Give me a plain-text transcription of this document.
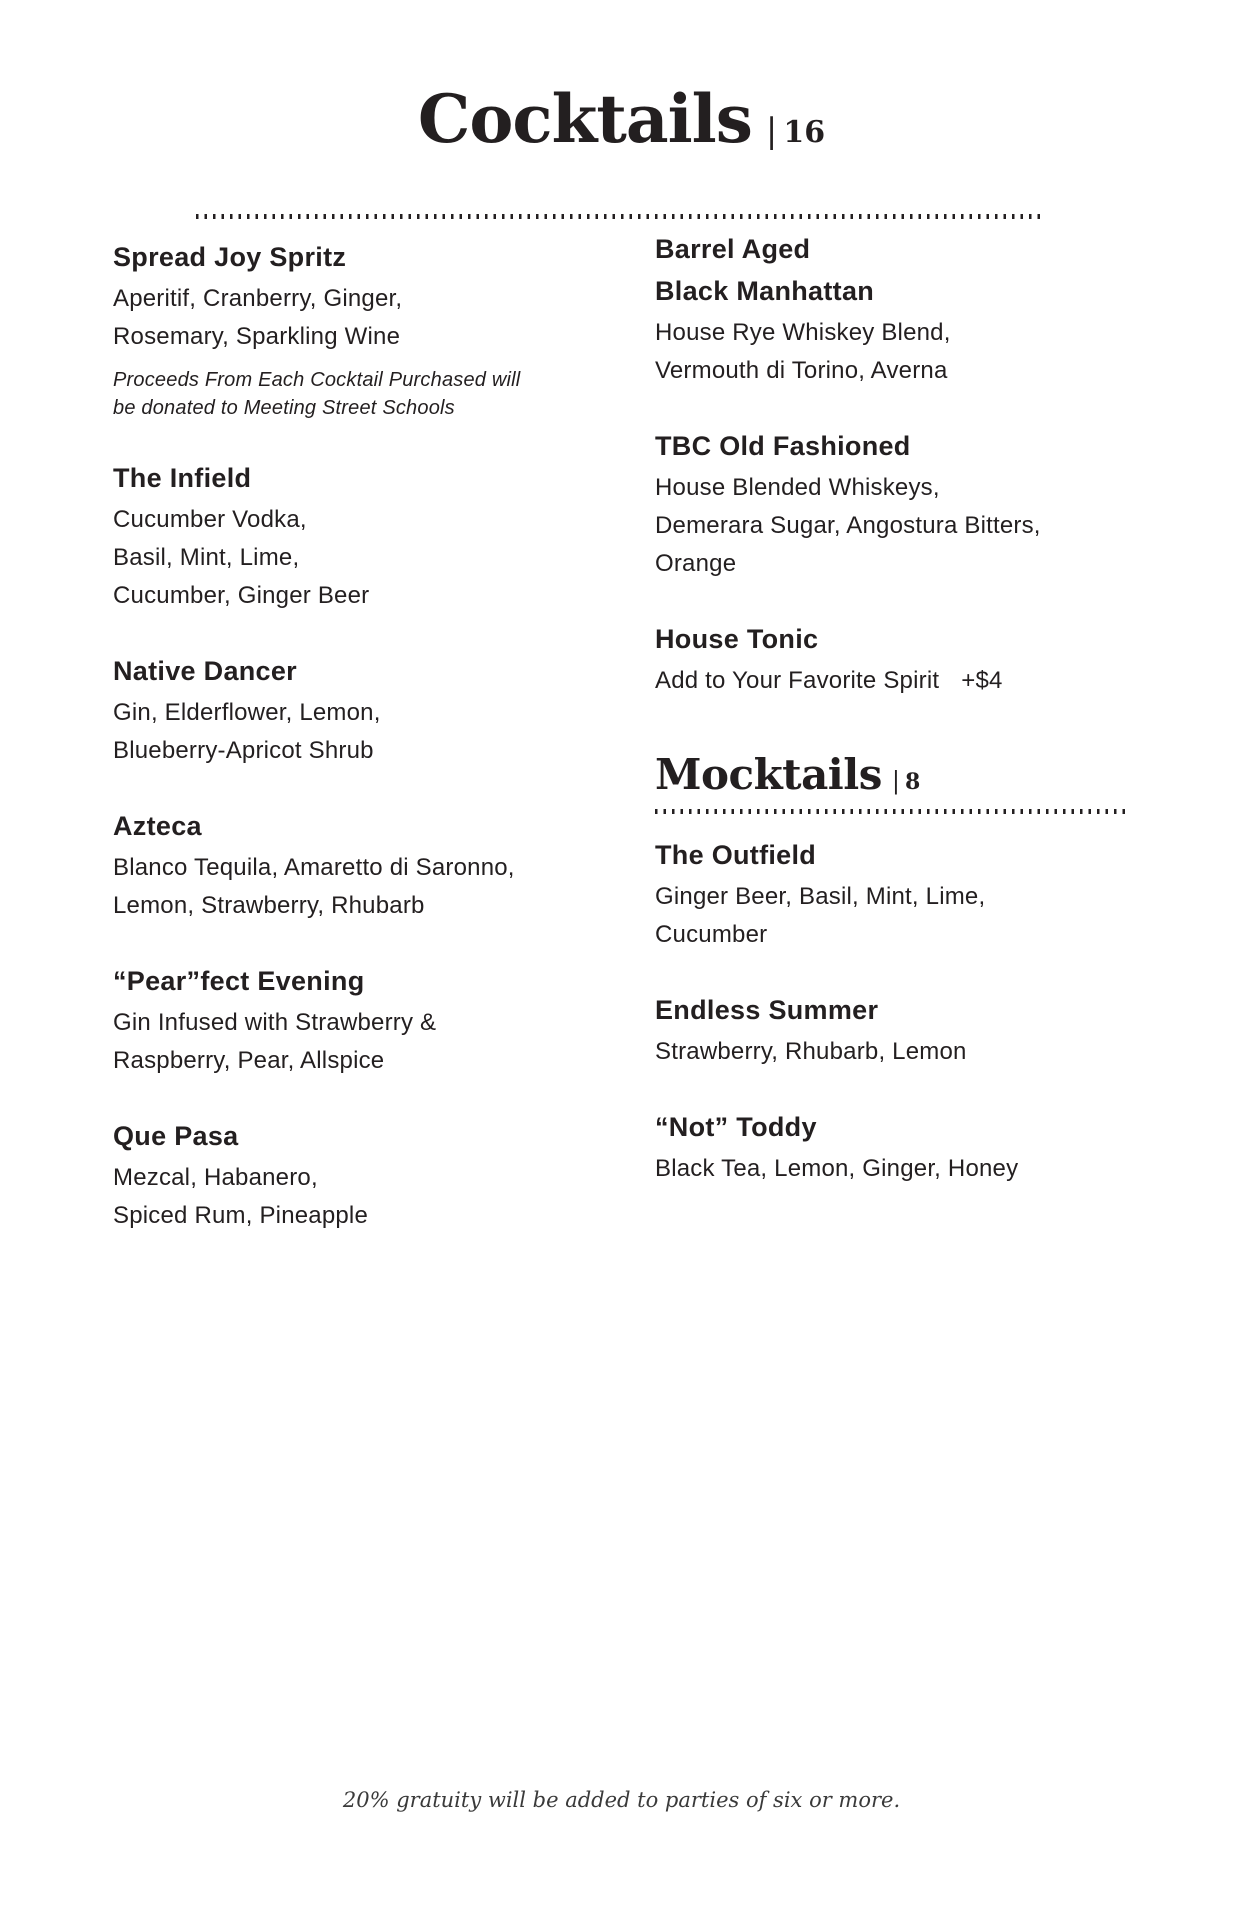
Cocktails | 16
Spread Joy Spritz
Aperitif, Cranberry, Ginger,
Rosemary, Sparkling Wine
Proceeds From Each Cocktail Purchased will
be donated to Meeting Street Schools
The Infield
Cucumber Vodka,
Basil, Mint, Lime,
Cucumber, Ginger Beer
Native Dancer
Gin, Elderflower, Lemon,
Blueberry-Apricot Shrub
Azteca
Blanco Tequila, Amaretto di Saronno,
Lemon, Strawberry, Rhubarb
“Pear”fect Evening
Gin Infused with Strawberry &
Raspberry, Pear, Allspice
Que Pasa
Mezcal, Habanero,
Spiced Rum, Pineapple
Barrel Aged
Black Manhattan
House Rye Whiskey Blend,
Vermouth di Torino, Averna
TBC Old Fashioned
House Blended Whiskeys,
Demerara Sugar, Angostura Bitters,
Orange
House Tonic
Add to Your Favorite Spirit +$4
Mocktails | 8
The Outfield
Ginger Beer, Basil, Mint, Lime,
Cucumber
Endless Summer
Strawberry, Rhubarb, Lemon
“Not” Toddy
Black Tea, Lemon, Ginger, Honey
20% gratuity will be added to parties of six or more.
